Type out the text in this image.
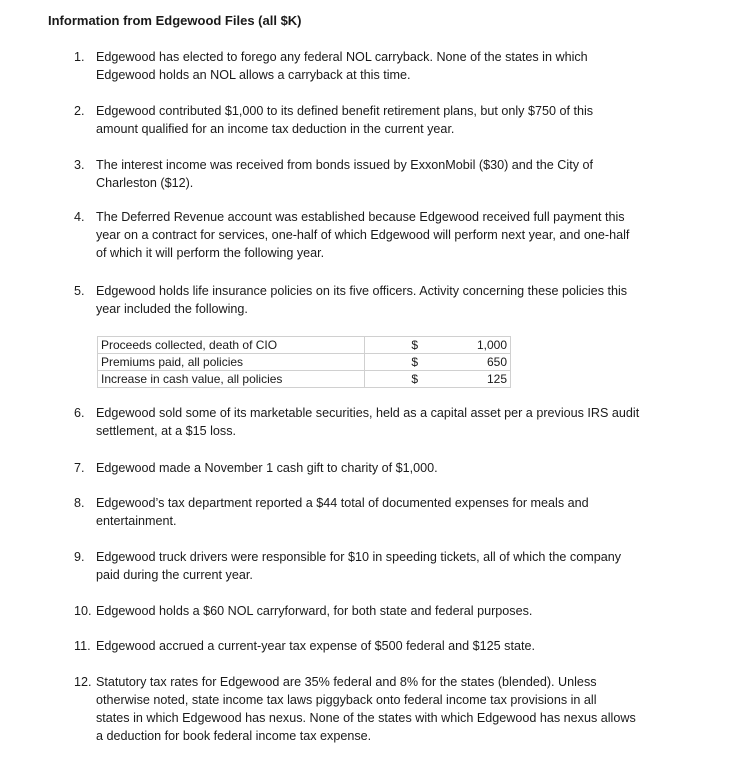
Information from Edgewood Files (all $K)
1. Edgewood has elected to forego any federal NOL carryback. None of the states in which
Edgewood holds an NOL allows a carryback at this time.
2. Edgewood contributed $1,000 to its defined benefit retirement plans, but only $750 of this
amount qualified for an income tax deduction in the current year.
3. The interest income was received from bonds issued by ExxonMobil ($30) and the City of
Charleston ($12).
4. The Deferred Revenue account was established because Edgewood received full payment this
year on a contract for services, one-half of which Edgewood will perform next year, and one-half
of which it will perform the following year.
5. Edgewood holds life insurance policies on its five officers. Activity concerning these policies this
year included the following.
6. Edgewood sold some of its marketable securities, held as a capital asset per a previous IRS audit
settlement, at a $15 loss.
7. Edgewood made a November 1 cash gift to charity of $1,000.
8. Edgewood’s tax department reported a $44 total of documented expenses for meals and
entertainment.
9. Edgewood truck drivers were responsible for $10 in speeding tickets, all of which the company
paid during the current year.
10. Edgewood holds a $60 NOL carryforward, for both state and federal purposes.
11. Edgewood accrued a current-year tax expense of $500 federal and $125 state.
12. Statutory tax rates for Edgewood are 35% federal and 8% for the states (blended). Unless
otherwise noted, state income tax laws piggyback onto federal income tax provisions in all
states in which Edgewood has nexus. None of the states with which Edgewood has nexus allows
a deduction for book federal income tax expense.
Proceeds collected, death of CIO	$	1,000
Premiums paid, all policies	$	650
Increase in cash value, all policies	$	125
